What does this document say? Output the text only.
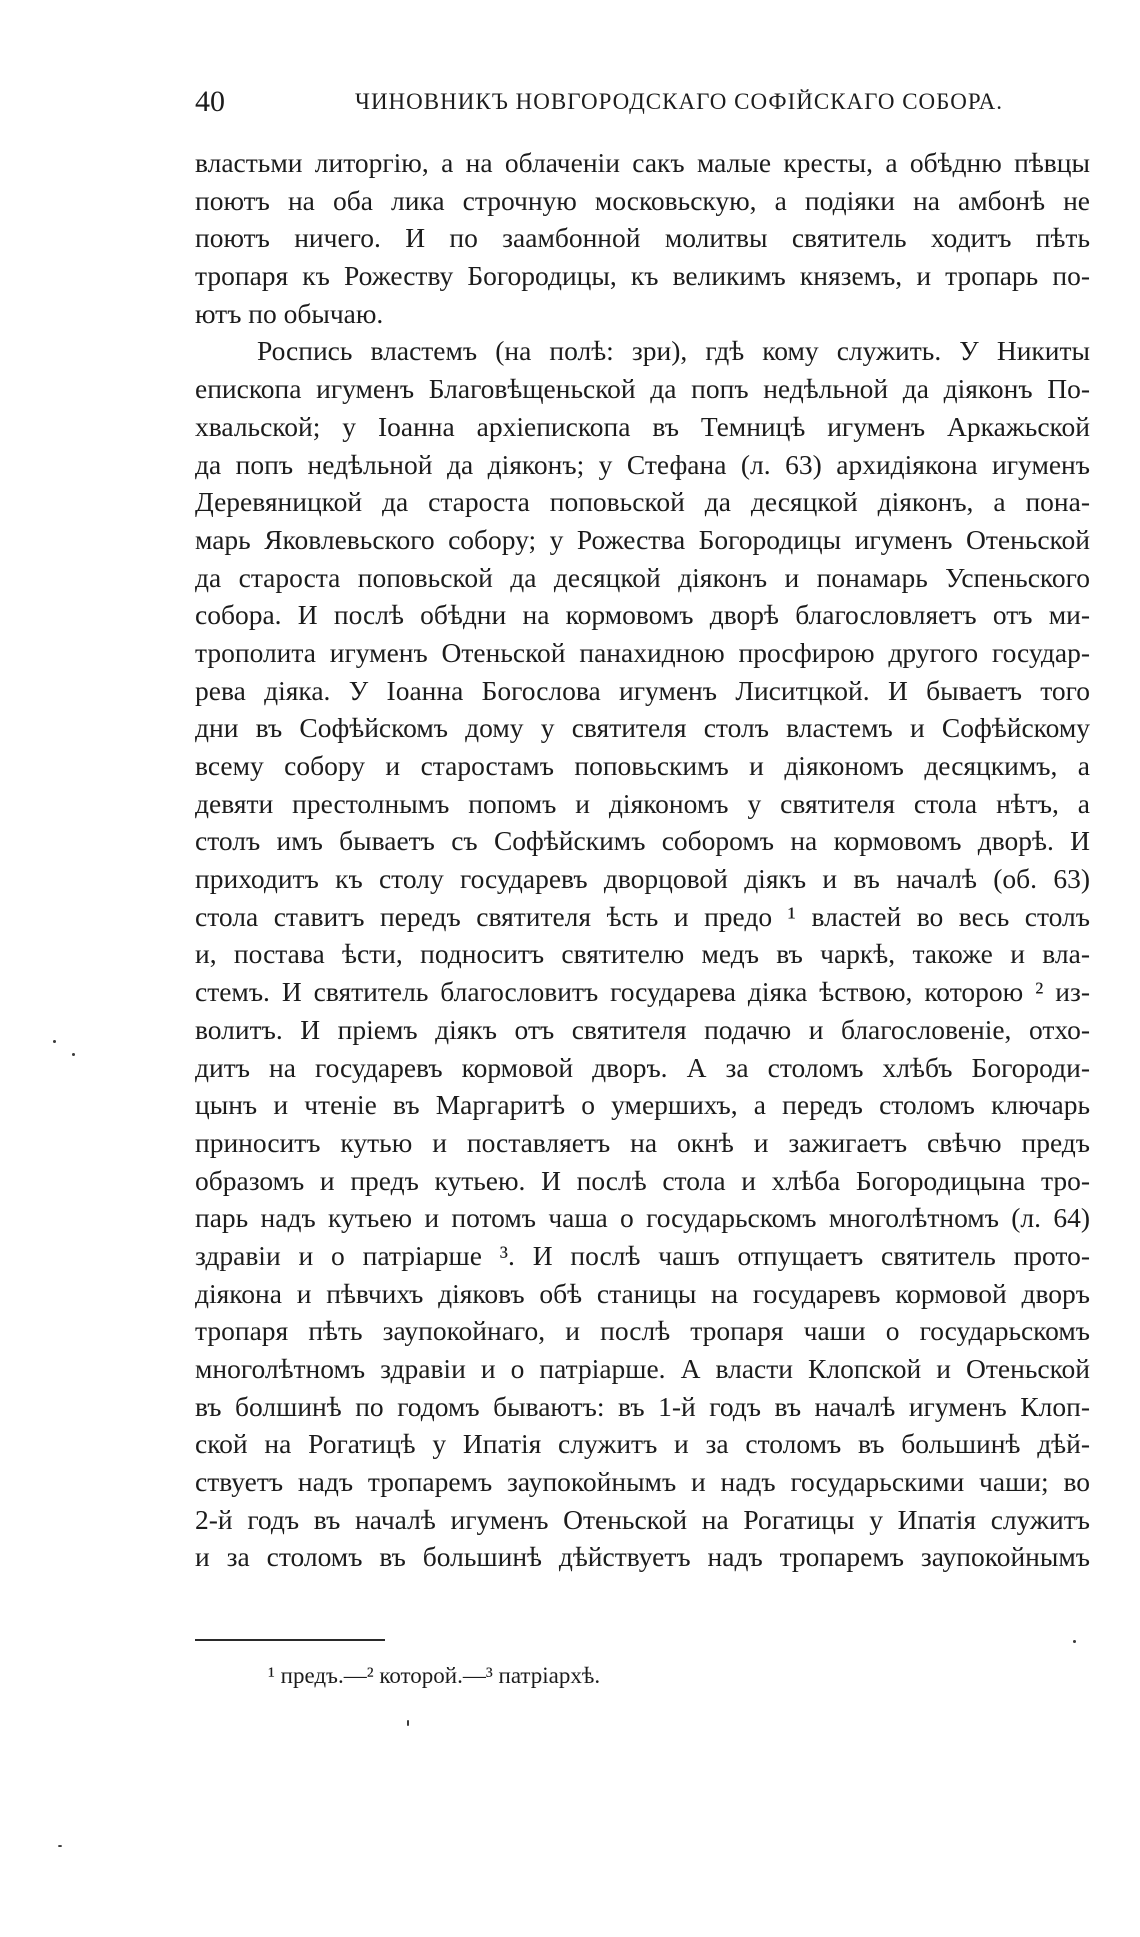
40	ЧИНОВНИКЪ НОВГОРОДСКАГО СОФІЙСКАГО СОБОРА.
властьми литоргію, а на облаченіи сакъ малые кресты, а обѣдню пѣвцы
поютъ на оба лика строчную московьскую, а подіяки на амбонѣ не
поютъ ничего. И по заамбонной молитвы святитель ходитъ пѣть
тропаря къ Рожеству Богородицы, къ великимъ княземъ, и тропарь по-
ютъ по обычаю.
Роспись властемъ (на полѣ: зри), гдѣ кому служить. У Никиты
епископа игуменъ Благовѣщеньской да попъ недѣльной да діяконъ По-
хвальской; у Іоанна архіепископа въ Темницѣ игуменъ Аркажьской
да попъ недѣльной да діяконъ; у Стефана (л. 63) архидіякона игуменъ
Деревяницкой да староста поповьской да десяцкой діяконъ, а пона-
марь Яковлевьского собору; у Рожества Богородицы игуменъ Отеньской
да староста поповьской да десяцкой діяконъ и понамарь Успеньского
собора. И послѣ обѣдни на кормовомъ дворѣ благословляетъ отъ ми-
трополита игуменъ Отеньской панахидною просфирою другого государ-
рева діяка. У Іоанна Богослова игуменъ Лиситцкой. И бываетъ того
дни въ Софѣйскомъ дому у святителя столъ властемъ и Софѣйскому
всему собору и старостамъ поповьскимъ и діякономъ десяцкимъ, а
девяти престолнымъ попомъ и діякономъ у святителя стола нѣтъ, а
столъ имъ бываетъ съ Софѣйскимъ соборомъ на кормовомъ дворѣ. И
приходитъ къ столу государевъ дворцовой діякъ и въ началѣ (об. 63)
стола ставитъ передъ святителя ѣсть и предо ¹ властей во весь столъ
и, постава ѣсти, подноситъ святителю медъ въ чаркѣ, такоже и вла-
стемъ. И святитель благословитъ государева діяка ѣствою, которою ² из-
волитъ. И пріемъ діякъ отъ святителя подачю и благословеніе, отхо-
дитъ на государевъ кормовой дворъ. А за столомъ хлѣбъ Богороди-
цынъ и чтеніе въ Маргаритѣ о умершихъ, а передъ столомъ ключарь
приноситъ кутью и поставляетъ на окнѣ и зажигаетъ свѣчю предъ
образомъ и предъ кутьею. И послѣ стола и хлѣба Богородицына тро-
парь надъ кутьею и потомъ чаша о государьскомъ многолѣтномъ (л. 64)
здравіи и о патріарше ³. И послѣ чашъ отпущаетъ святитель прото-
діякона и пѣвчихъ діяковъ обѣ станицы на государевъ кормовой дворъ
тропаря пѣть заупокойнаго, и послѣ тропаря чаши о государьскомъ
многолѣтномъ здравіи и о патріарше. А власти Клопской и Отеньской
въ болшинѣ по годомъ бываютъ: въ 1-й годъ въ началѣ игуменъ Клоп-
ской на Рогатицѣ у Ипатія служитъ и за столомъ въ большинѣ дѣй-
ствуетъ надъ тропаремъ заупокойнымъ и надъ государьскими чаши; во
2-й годъ въ началѣ игуменъ Отеньской на Рогатицы у Ипатія служитъ
и за столомъ въ большинѣ дѣйствуетъ надъ тропаремъ заупокойнымъ
¹ предъ.—² которой.—³ патріархѣ.
